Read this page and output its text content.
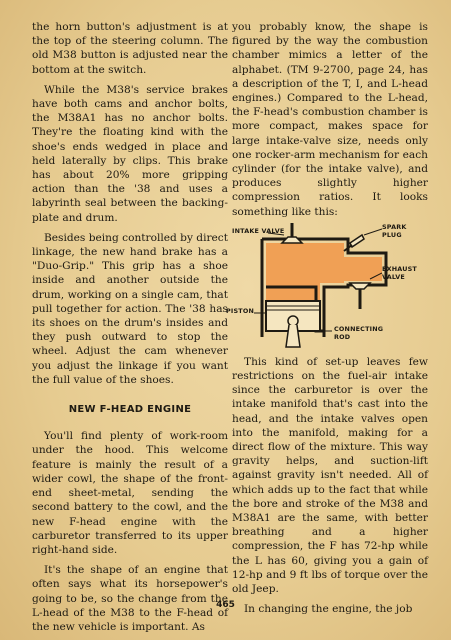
the horn button's adjustment is at the top of the steering column. The old M38 button is adjusted near the bottom at the switch.

While the M38's service brakes have both cams and anchor bolts, the M38A1 has no anchor bolts. They're the floating kind with the shoe's ends wedged in place and held laterally by clips. This brake has about 20% more gripping action than the '38 and uses a labyrinth seal between the backing-plate and drum.

Besides being controlled by direct linkage, the new hand brake has a "Duo-Grip." This grip has a shoe inside and another outside the drum, working on a single cam, that pull together for action. The '38 has its shoes on the drum's insides and they push outward to stop the wheel. Adjust the cam whenever you adjust the linkage if you want the full value of the shoes.

NEW F-HEAD ENGINE

You'll find plenty of work-room under the hood. This welcome feature is mainly the result of a wider cowl, the shape of the front-end sheet-metal, sending the second battery to the cowl, and the new F-head engine with the carburetor transferred to its upper right-hand side.

It's the shape of an engine that often says what its horsepower's going to be, so the change from the L-head of the M38 to the F-head of the new vehicle is important. As

you probably know, the shape is figured by the way the combustion chamber mimics a letter of the alphabet. (TM 9-2700, page 24, has a description of the T, I, and L-head engines.) Compared to the L-head, the F-head's combustion chamber is more compact, makes space for large intake-valve size, needs only one rocker-arm mechanism for each cylinder (for the intake valve), and produces slightly higher compression ratios. It looks something like this:

INTAKE VALVE	SPARK PLUG
EXHAUST VALVE
PISTON
CONNECTING ROD

This kind of set-up leaves few restrictions on the fuel-air intake since the carburetor is over the intake manifold that's cast into the head, and the intake valves open into the manifold, making for a direct flow of the mixture. This way gravity helps, and suction-lift against gravity isn't needed. All of which adds up to the fact that while the bore and stroke of the M38 and M38A1 are the same, with better breathing and a higher compression, the F has 72-hp while the L has 60, giving you a gain of 12-hp and 9 ft lbs of torque over the old Jeep.

In changing the engine, the job

465
